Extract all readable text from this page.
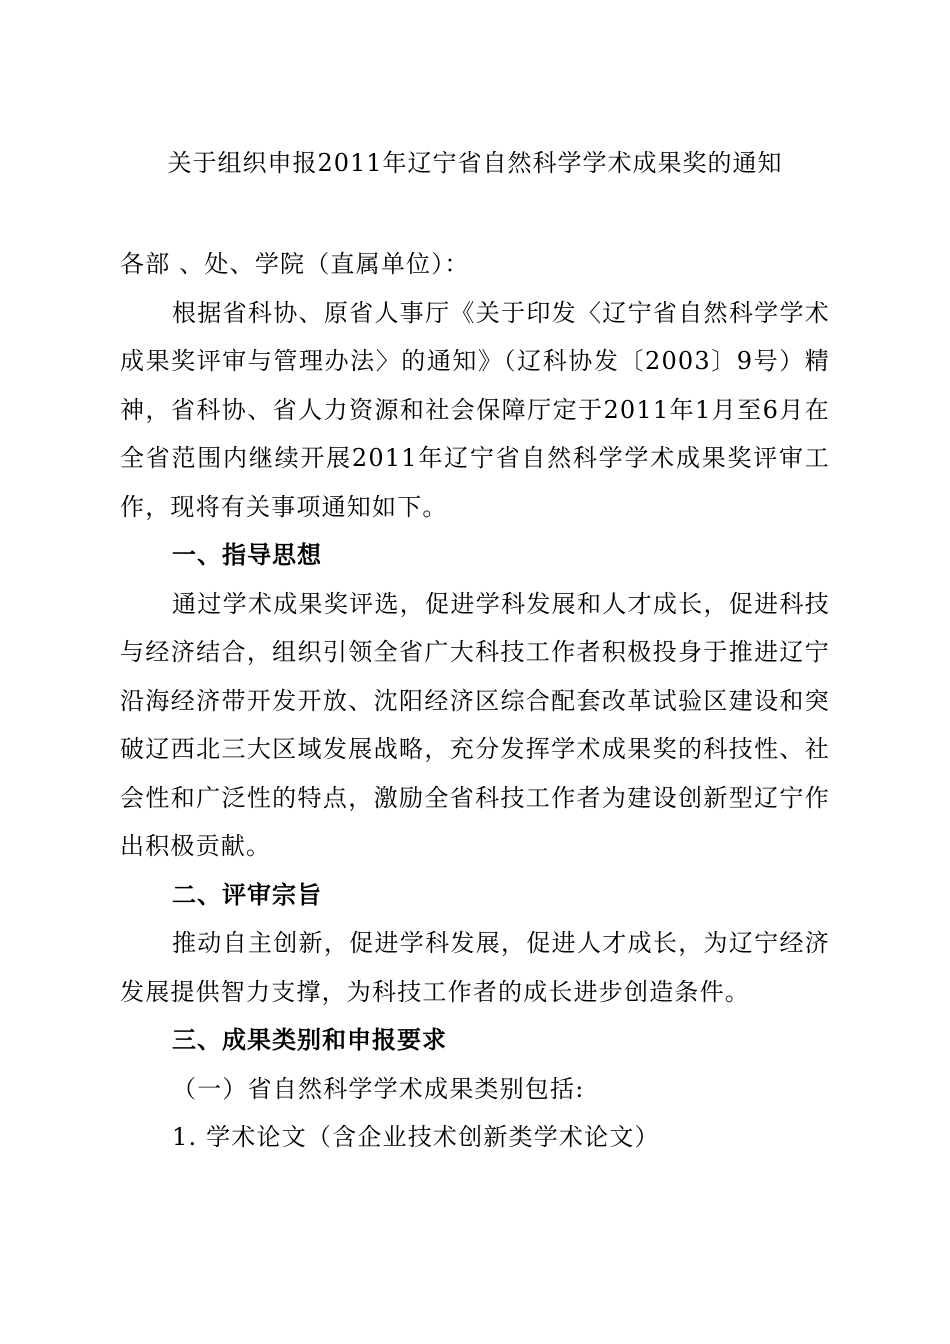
关于组织申报2011年辽宁省自然科学学术成果奖的通知

各部 、处、学院（直属单位）：

根据省科协、原省人事厅《关于印发〈辽宁省自然科学学术成果奖评审与管理办法〉的通知》（辽科协发〔2003〕9号）精神，省科协、省人力资源和社会保障厅定于2011年1月至6月在全省范围内继续开展2011年辽宁省自然科学学术成果奖评审工作，现将有关事项通知如下。

一、指导思想

通过学术成果奖评选，促进学科发展和人才成长，促进科技与经济结合，组织引领全省广大科技工作者积极投身于推进辽宁沿海经济带开发开放、沈阳经济区综合配套改革试验区建设和突破辽西北三大区域发展战略，充分发挥学术成果奖的科技性、社会性和广泛性的特点，激励全省科技工作者为建设创新型辽宁作出积极贡献。

二、评审宗旨

推动自主创新，促进学科发展，促进人才成长，为辽宁经济发展提供智力支撑，为科技工作者的成长进步创造条件。

三、成果类别和申报要求

（一）省自然科学学术成果类别包括:

1. 学术论文（含企业技术创新类学术论文）
